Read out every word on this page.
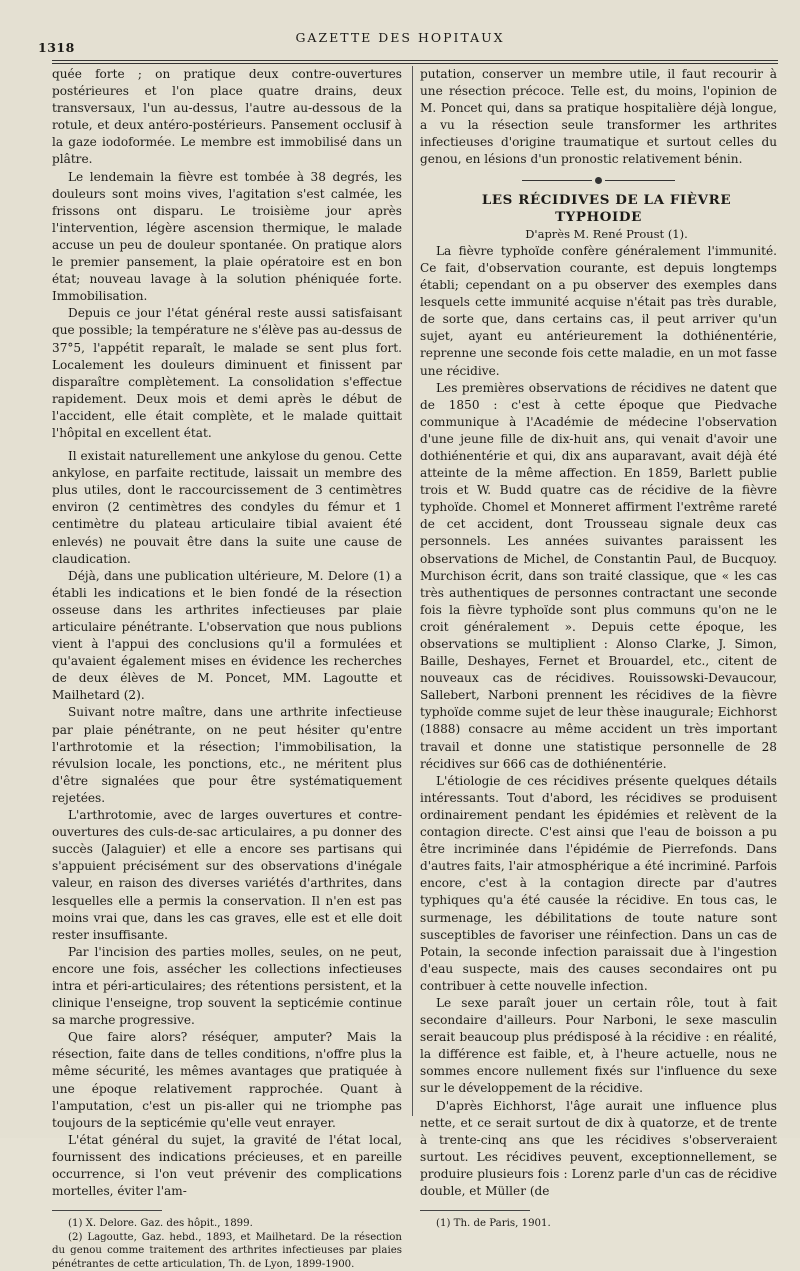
1318
GAZETTE DES HOPITAUX

quée forte ; on pratique deux contre-ouvertures postérieures et l'on place quatre drains, deux transversaux, l'un au-dessus, l'autre au-dessous de la rotule, et deux antéro-postérieurs. Pansement occlusif à la gaze iodoformée. Le membre est immobilisé dans un plâtre.

Le lendemain la fièvre est tombée à 38 degrés, les douleurs sont moins vives, l'agitation s'est calmée, les frissons ont disparu. Le troisième jour après l'intervention, légère ascension thermique, le malade accuse un peu de douleur spontanée. On pratique alors le premier pansement, la plaie opératoire est en bon état; nouveau lavage à la solution phéniquée forte. Immobilisation.

Depuis ce jour l'état général reste aussi satisfaisant que possible; la température ne s'élève pas au-dessus de 37°5, l'appétit reparaît, le malade se sent plus fort. Localement les douleurs diminuent et finissent par disparaître complètement. La consolidation s'effectue rapidement. Deux mois et demi après le début de l'accident, elle était complète, et le malade quittait l'hôpital en excellent état.

Il existait naturellement une ankylose du genou. Cette ankylose, en parfaite rectitude, laissait un membre des plus utiles, dont le raccourcissement de 3 centimètres environ (2 centimètres des condyles du fémur et 1 centimètre du plateau articulaire tibial avaient été enlevés) ne pouvait être dans la suite une cause de claudication.

Déjà, dans une publication ultérieure, M. Delore (1) a établi les indications et le bien fondé de la résection osseuse dans les arthrites infectieuses par plaie articulaire pénétrante. L'observation que nous publions vient à l'appui des conclusions qu'il a formulées et qu'avaient également mises en évidence les recherches de deux élèves de M. Poncet, MM. Lagoutte et Mailhetard (2).

Suivant notre maître, dans une arthrite infectieuse par plaie pénétrante, on ne peut hésiter qu'entre l'arthrotomie et la résection; l'immobilisation, la révulsion locale, les ponctions, etc., ne méritent plus d'être signalées que pour être systématiquement rejetées.

L'arthrotomie, avec de larges ouvertures et contre-ouvertures des culs-de-sac articulaires, a pu donner des succès (Jalaguier) et elle a encore ses partisans qui s'appuient précisément sur des observations d'inégale valeur, en raison des diverses variétés d'arthrites, dans lesquelles elle a permis la conservation. Il n'en est pas moins vrai que, dans les cas graves, elle est et elle doit rester insuffisante.

Par l'incision des parties molles, seules, on ne peut, encore une fois, assécher les collections infectieuses intra et péri-articulaires; des rétentions persistent, et la clinique l'enseigne, trop souvent la septicémie continue sa marche progressive.

Que faire alors? réséquer, amputer? Mais la résection, faite dans de telles conditions, n'offre plus la même sécurité, les mêmes avantages que pratiquée à une époque relativement rapprochée. Quant à l'amputation, c'est un pis-aller qui ne triomphe pas toujours de la septicémie qu'elle veut enrayer.

L'état général du sujet, la gravité de l'état local, fournissent des indications précieuses, et en pareille occurrence, si l'on veut prévenir des complications mortelles, éviter l'am-

(1) X. Delore. Gaz. des hôpit., 1899.

(2) Lagoutte, Gaz. hebd., 1893, et Mailhetard. De la résection du genou comme traitement des arthrites infectieuses par plaies pénétrantes de cette articulation, Th. de Lyon, 1899-1900.

putation, conserver un membre utile, il faut recourir à une résection précoce. Telle est, du moins, l'opinion de M. Poncet qui, dans sa pratique hospitalière déjà longue, a vu la résection seule transformer les arthrites infectieuses d'origine traumatique et surtout celles du genou, en lésions d'un pronostic relativement bénin.

LES RÉCIDIVES DE LA FIÈVRE TYPHOIDE

D'après M. René Proust (1).

La fièvre typhoïde confère généralement l'immunité. Ce fait, d'observation courante, est depuis longtemps établi; cependant on a pu observer des exemples dans lesquels cette immunité acquise n'était pas très durable, de sorte que, dans certains cas, il peut arriver qu'un sujet, ayant eu antérieurement la dothiénentérie, reprenne une seconde fois cette maladie, en un mot fasse une récidive.

Les premières observations de récidives ne datent que de 1850 : c'est à cette époque que Piedvache communique à l'Académie de médecine l'observation d'une jeune fille de dix-huit ans, qui venait d'avoir une dothiénentérie et qui, dix ans auparavant, avait déjà été atteinte de la même affection. En 1859, Barlett publie trois et W. Budd quatre cas de récidive de la fièvre typhoïde. Chomel et Monneret affirment l'extrême rareté de cet accident, dont Trousseau signale deux cas personnels. Les années suivantes paraissent les observations de Michel, de Constantin Paul, de Bucquoy. Murchison écrit, dans son traité classique, que « les cas très authentiques de personnes contractant une seconde fois la fièvre typhoïde sont plus communs qu'on ne le croit généralement ». Depuis cette époque, les observations se multiplient : Alonso Clarke, J. Simon, Baille, Deshayes, Fernet et Brouardel, etc., citent de nouveaux cas de récidives. Rouissowski-Devaucour, Sallebert, Narboni prennent les récidives de la fièvre typhoïde comme sujet de leur thèse inaugurale; Eichhorst (1888) consacre au même accident un très important travail et donne une statistique personnelle de 28 récidives sur 666 cas de dothiénentérie.

L'étiologie de ces récidives présente quelques détails intéressants. Tout d'abord, les récidives se produisent ordinairement pendant les épidémies et relèvent de la contagion directe. C'est ainsi que l'eau de boisson a pu être incriminée dans l'épidémie de Pierrefonds. Dans d'autres faits, l'air atmosphérique a été incriminé. Parfois encore, c'est à la contagion directe par d'autres typhiques qu'a été causée la récidive. En tous cas, le surmenage, les débilitations de toute nature sont susceptibles de favoriser une réinfection. Dans un cas de Potain, la seconde infection paraissait due à l'ingestion d'eau suspecte, mais des causes secondaires ont pu contribuer à cette nouvelle infection.

Le sexe paraît jouer un certain rôle, tout à fait secondaire d'ailleurs. Pour Narboni, le sexe masculin serait beaucoup plus prédisposé à la récidive : en réalité, la différence est faible, et, à l'heure actuelle, nous ne sommes encore nullement fixés sur l'influence du sexe sur le développement de la récidive.

D'après Eichhorst, l'âge aurait une influence plus nette, et ce serait surtout de dix à quatorze, et de trente à trente-cinq ans que les récidives s'observeraient surtout. Les récidives peuvent, exceptionnellement, se produire plusieurs fois : Lorenz parle d'un cas de récidive double, et Müller (de

(1) Th. de Paris, 1901.
